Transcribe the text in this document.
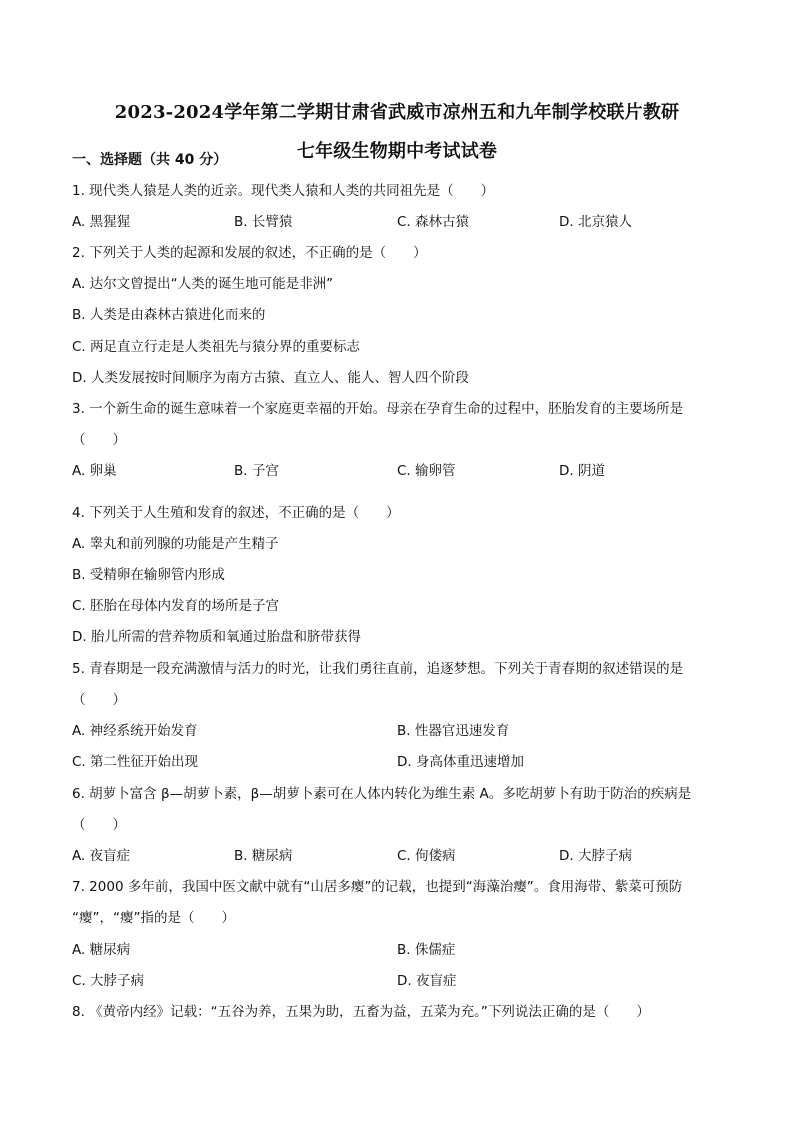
2023-2024学年第二学期甘肃省武威市凉州五和九年制学校联片教研
七年级生物期中考试试卷
一、选择题（共 40 分）
1. 现代类人猿是人类的近亲。现代类人猿和人类的共同祖先是（　　）
A. 黑猩猩	B. 长臂猿	C. 森林古猿	D. 北京猿人
2. 下列关于人类的起源和发展的叙述，不正确的是（　　）
A. 达尔文曾提出“人类的诞生地可能是非洲”
B. 人类是由森林古猿进化而来的
C. 两足直立行走是人类祖先与猿分界的重要标志
D. 人类发展按时间顺序为南方古猿、直立人、能人、智人四个阶段
3. 一个新生命的诞生意味着一个家庭更幸福的开始。母亲在孕育生命的过程中，胚胎发育的主要场所是
（　　）
A. 卵巢	B. 子宫	C. 输卵管	D. 阴道
4. 下列关于人生殖和发育的叙述，不正确的是（　　）
A. 睾丸和前列腺的功能是产生精子
B. 受精卵在输卵管内形成
C. 胚胎在母体内发育的场所是子宫
D. 胎儿所需的营养物质和氧通过胎盘和脐带获得
5. 青春期是一段充满激情与活力的时光，让我们勇往直前，追逐梦想。下列关于青春期的叙述错误的是
（　　）
A. 神经系统开始发育	B. 性器官迅速发育
C. 第二性征开始出现	D. 身高体重迅速增加
6. 胡萝卜富含 β—胡萝卜素，β—胡萝卜素可在人体内转化为维生素 A。多吃胡萝卜有助于防治的疾病是
（　　）
A. 夜盲症	B. 糖尿病	C. 佝偻病	D. 大脖子病
7. 2000 多年前，我国中医文献中就有“山居多瘿”的记载，也提到“海藻治瘿”。食用海带、紫菜可预防
“瘿”，“瘿”指的是（　　）
A. 糖尿病	B. 侏儒症
C. 大脖子病	D. 夜盲症
8. 《黄帝内经》记载：“五谷为养，五果为助，五畜为益，五菜为充。”下列说法正确的是（　　）
